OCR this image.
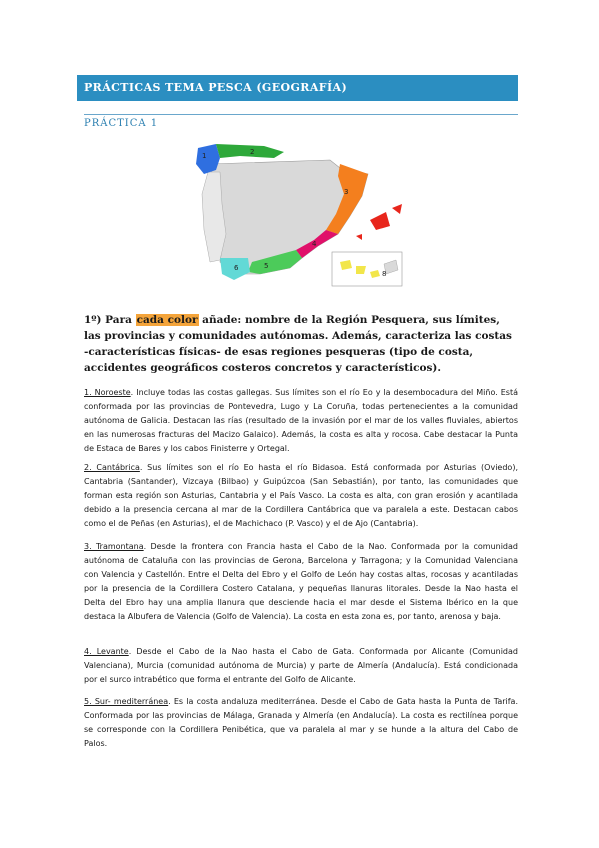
PRÁCTICAS TEMA PESCA (GEOGRAFÍA)
PRÁCTICA 1
1	2
3
4
5
6
8
1º) Para cada color añade: nombre de la Región Pesquera, sus límites, las provincias y comunidades autónomas. Además, caracteriza las costas -características físicas- de esas regiones pesqueras (tipo de costa, accidentes geográficos costeros concretos y característicos).
1. Noroeste. Incluye todas las costas gallegas. Sus límites son el río Eo y la desembocadura del Miño. Está conformada por las provincias de Pontevedra, Lugo y La Coruña, todas pertenecientes a la comunidad autónoma de Galicia. Destacan las rías (resultado de la invasión por el mar de los valles fluviales, abiertos en las numerosas fracturas del Macizo Galaico). Además, la costa es alta y rocosa. Cabe destacar la Punta de Estaca de Bares y los cabos Finisterre y Ortegal.
2. Cantábrica. Sus límites son el río Eo hasta el río Bidasoa. Está conformada por Asturias (Oviedo), Cantabria (Santander), Vizcaya (Bilbao) y Guipúzcoa (San Sebastián), por tanto, las comunidades que forman esta región son Asturias, Cantabria y el País Vasco. La costa es alta, con gran erosión y acantilada debido a la presencia cercana al mar de la Cordillera Cantábrica que va paralela a este. Destacan cabos como el de Peñas (en Asturias), el de Machichaco (P. Vasco) y el de Ajo (Cantabria).
3. Tramontana. Desde la frontera con Francia hasta el Cabo de la Nao. Conformada por la comunidad autónoma de Cataluña con las provincias de Gerona, Barcelona y Tarragona; y la Comunidad Valenciana con Valencia y Castellón. Entre el Delta del Ebro y el Golfo de León hay costas altas, rocosas y acantiladas por la presencia de la Cordillera Costero Catalana, y pequeñas llanuras litorales. Desde la Nao hasta el Delta del Ebro hay una amplia llanura que desciende hacia el mar desde el Sistema Ibérico en la que destaca la Albufera de Valencia (Golfo de Valencia). La costa en esta zona es, por tanto, arenosa y baja.
4. Levante. Desde el Cabo de la Nao hasta el Cabo de Gata. Conformada por Alicante (Comunidad Valenciana), Murcia (comunidad autónoma de Murcia) y parte de Almería (Andalucía). Está condicionada por el surco intrabético que forma el entrante del Golfo de Alicante.
5. Sur- mediterránea. Es la costa andaluza mediterránea. Desde el Cabo de Gata hasta la Punta de Tarifa. Conformada por las provincias de Málaga, Granada y Almería (en Andalucía). La costa es rectilínea porque se corresponde con la Cordillera Penibética, que va paralela al mar y se hunde a la altura del Cabo de Palos.
